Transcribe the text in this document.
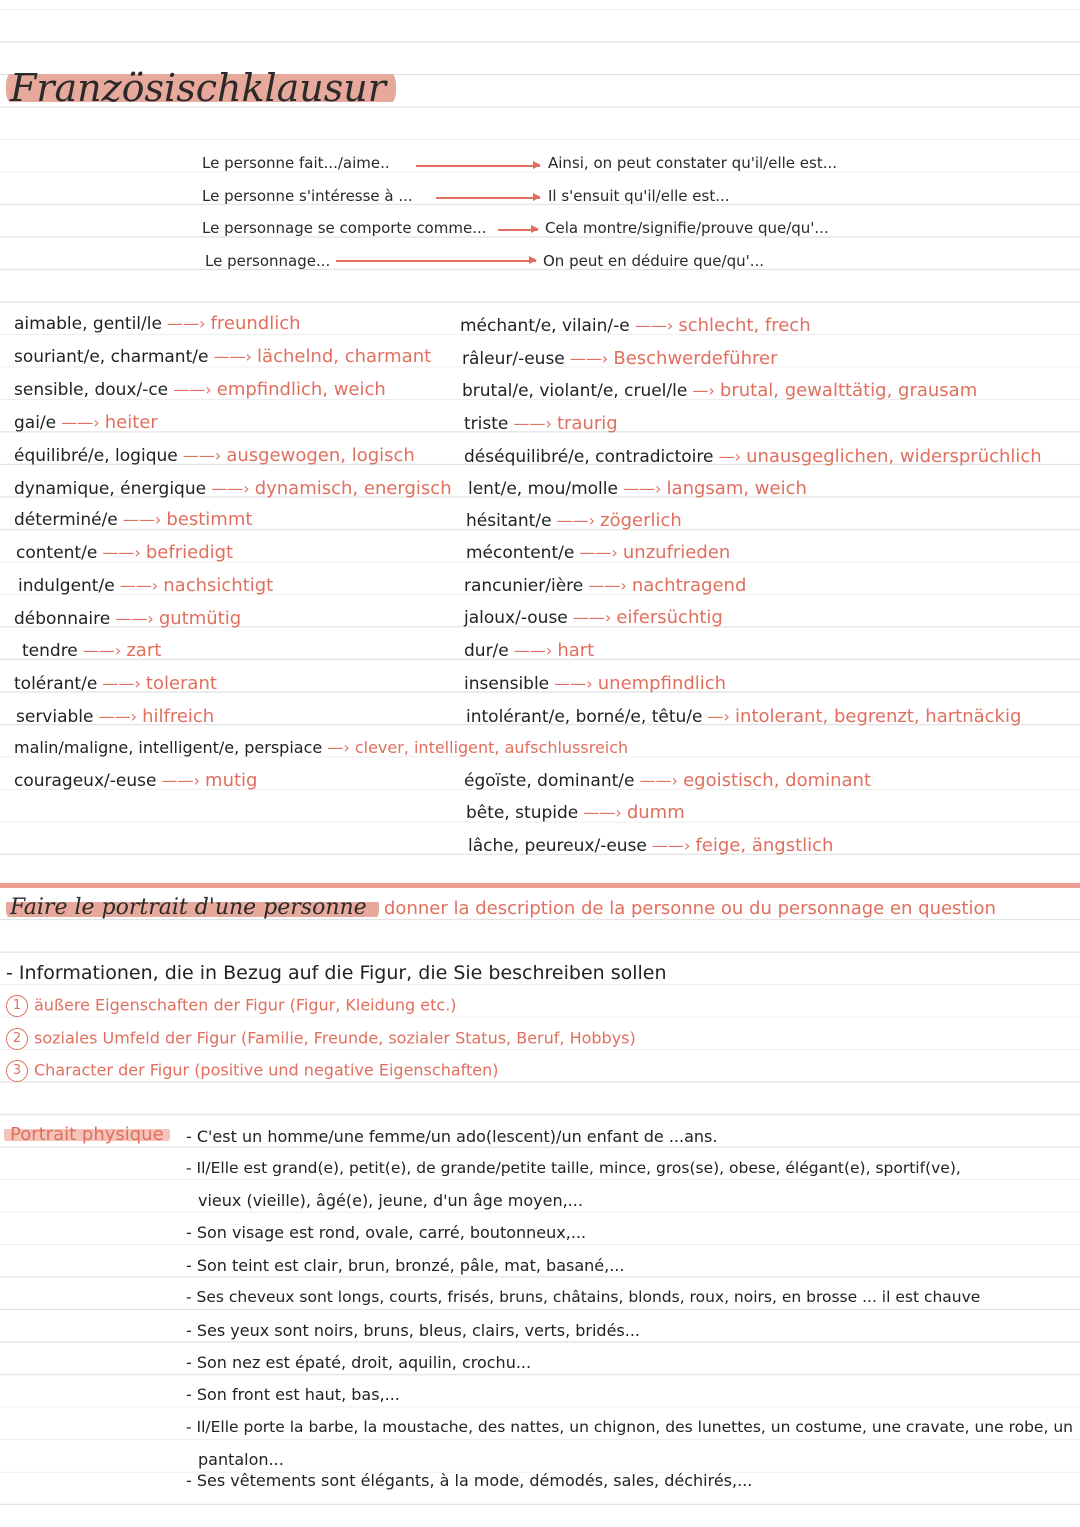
Französischklausur
Le personne fait.../aime..	Ainsi, on peut constater qu'il/elle est...
Le personne s'intéresse à ...	Il s'ensuit qu'il/elle est...
Le personnage se comporte comme...	Cela montre/signifie/prouve que/qu'...
Le personnage...	On peut en déduire que/qu'...
aimable, gentil/le ——› freundlich
souriant/e, charmant/e ——› lächelnd, charmant
sensible, doux/-ce ——› empfindlich, weich
gai/e ——› heiter
équilibré/e, logique ——› ausgewogen, logisch
dynamique, énergique ——› dynamisch, energisch
déterminé/e ——› bestimmt
content/e ——› befriedigt
indulgent/e ——› nachsichtigt
débonnaire ——› gutmütig
tendre ——› zart
tolérant/e ——› tolerant
serviable ——› hilfreich
malin/maligne, intelligent/e, perspiace —› clever, intelligent, aufschlussreich
courageux/-euse ——› mutig
méchant/e, vilain/-e ——› schlecht, frech
râleur/-euse ——› Beschwerdeführer
brutal/e, violant/e, cruel/le —› brutal, gewalttätig, grausam
triste ——› traurig
déséquilibré/e, contradictoire —› unausgeglichen, widersprüchlich
lent/e, mou/molle ——› langsam, weich
hésitant/e ——› zögerlich
mécontent/e ——› unzufrieden
rancunier/ière ——› nachtragend
jaloux/-ouse ——› eifersüchtig
dur/e ——› hart
insensible ——› unempfindlich
intolérant/e, borné/e, têtu/e —› intolerant, begrenzt, hartnäckig
égoïste, dominant/e ——› egoistisch, dominant
bête, stupide ——› dumm
lâche, peureux/-euse ——› feige, ängstlich
Faire le portrait d'une personne donner la description de la personne ou du personnage en question
- Informationen, die in Bezug auf die Figur, die Sie beschreiben sollen
1 äußere Eigenschaften der Figur (Figur, Kleidung etc.)
2 soziales Umfeld der Figur (Familie, Freunde, sozialer Status, Beruf, Hobbys)
3 Character der Figur (positive und negative Eigenschaften)
Portrait physique	- C'est un homme/une femme/un ado(lescent)/un enfant de ...ans.
- Il/Elle est grand(e), petit(e), de grande/petite taille, mince, gros(se), obese, élégant(e), sportif(ve),
vieux (vieille), âgé(e), jeune, d'un âge moyen,...
- Son visage est rond, ovale, carré, boutonneux,...
- Son teint est clair, brun, bronzé, pâle, mat, basané,...
- Ses cheveux sont longs, courts, frisés, bruns, châtains, blonds, roux, noirs, en brosse ... il est chauve
- Ses yeux sont noirs, bruns, bleus, clairs, verts, bridés...
- Son nez est épaté, droit, aquilin, crochu...
- Son front est haut, bas,...
- Il/Elle porte la barbe, la moustache, des nattes, un chignon, des lunettes, un costume, une cravate, une robe, un
pantalon...
- Ses vêtements sont élégants, à la mode, démodés, sales, déchirés,...
